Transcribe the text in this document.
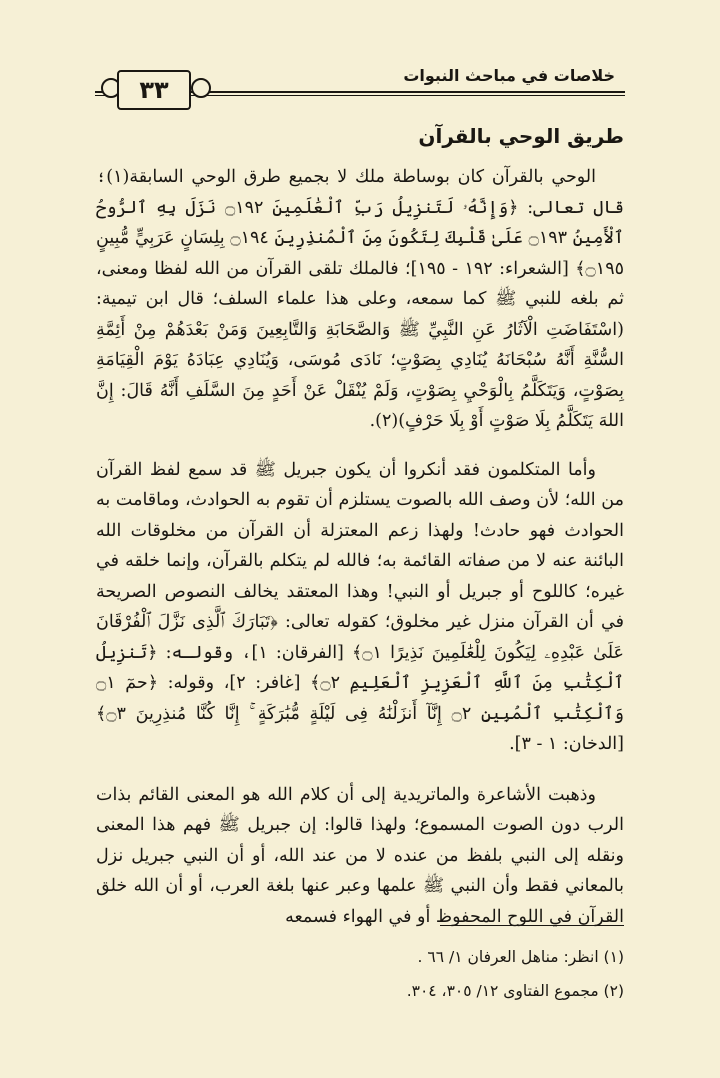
٣٣
خلاصات في مباحث النبوات
طريق الوحي بالقرآن

الوحي بالقرآن كان بوساطة ملك لا بجميع طرق الوحي السابقة(١)؛ قال تعالى: ﴿وَإِنَّهُۥ لَتَنزِيلُ رَبِّ ٱلْعَٰلَمِينَ ۝١٩٢ نَزَلَ بِهِ ٱلرُّوحُ ٱلْأَمِينُ ۝١٩٣ عَلَىٰ قَلْبِكَ لِتَكُونَ مِنَ ٱلْمُنذِرِينَ ۝١٩٤ بِلِسَانٍ عَرَبِيٍّ مُّبِينٍ ۝١٩٥﴾ [الشعراء: ١٩٢ - ١٩٥]؛ فالملك تلقى القرآن من الله لفظا ومعنى، ثم بلغه للنبي ﷺ كما سمعه، وعلى هذا علماء السلف؛ قال ابن تيمية: (اسْتَفَاضَتِ الْآثَارُ عَنِ النَّبِيِّ ﷺ وَالصَّحَابَةِ وَالتَّابِعِينَ وَمَنْ بَعْدَهُمْ مِنْ أَئِمَّةِ السُّنَّةِ أَنَّهُ سُبْحَانَهُ يُنَادِي بِصَوْتٍ؛ نَادَى مُوسَى، وَيُنَادِي عِبَادَهُ يَوْمَ الْقِيَامَةِ بِصَوْتٍ، وَيَتَكَلَّمُ بِالْوَحْيِ بِصَوْتٍ، وَلَمْ يُنْقَلْ عَنْ أَحَدٍ مِنَ السَّلَفِ أَنَّهُ قَالَ: إِنَّ اللهَ يَتَكَلَّمُ بِلَا صَوْتٍ أَوْ بِلَا حَرْفٍ)(٢).

وأما المتكلمون فقد أنكروا أن يكون جبريل ﷺ قد سمع لفظ القرآن من الله؛ لأن وصف الله بالصوت يستلزم أن تقوم به الحوادث، وماقامت به الحوادث فهو حادث! ولهذا زعم المعتزلة أن القرآن من مخلوقات الله البائنة عنه لا من صفاته القائمة به؛ فالله لم يتكلم بالقرآن، وإنما خلقه في غيره؛ كاللوح أو جبريل أو النبي! وهذا المعتقد يخالف النصوص الصريحة في أن القرآن منزل غير مخلوق؛ كقوله تعالى: ﴿تَبَارَكَ ٱلَّذِى نَزَّلَ ٱلْفُرْقَانَ عَلَىٰ عَبْدِهِۦ لِيَكُونَ لِلْعَٰلَمِينَ نَذِيرًا ۝١﴾ [الفرقان: ١]، وقولـه: ﴿تَنزِيلُ ٱلْكِتَٰبِ مِنَ ٱللَّهِ ٱلْعَزِيزِ ٱلْعَلِيمِ ۝٢﴾ [غافر: ٢]، وقوله: ﴿حمٓ ۝١ وَٱلْكِتَٰبِ ٱلْمُبِينِ ۝٢ إِنَّآ أَنزَلْنَٰهُ فِى لَيْلَةٍ مُّبَٰرَكَةٍ ۚ إِنَّا كُنَّا مُنذِرِينَ ۝٣﴾ [الدخان: ١ - ٣].

وذهبت الأشاعرة والماتريدية إلى أن كلام الله هو المعنى القائم بذات الرب دون الصوت المسموع؛ ولهذا قالوا: إن جبريل ﷺ فهم هذا المعنى ونقله إلى النبي بلفظ من عنده لا من عند الله، أو أن النبي جبريل نزل بالمعاني فقط وأن النبي ﷺ علمها وعبر عنها بلغة العرب، أو أن الله خلق القرآن في اللوح المحفوظ أو في الهواء فسمعه

(١) انظر: مناهل العرفان ١/ ٦٦ .
(٢) مجموع الفتاوى ١٢/ ٣٠٥، ٣٠٤.
